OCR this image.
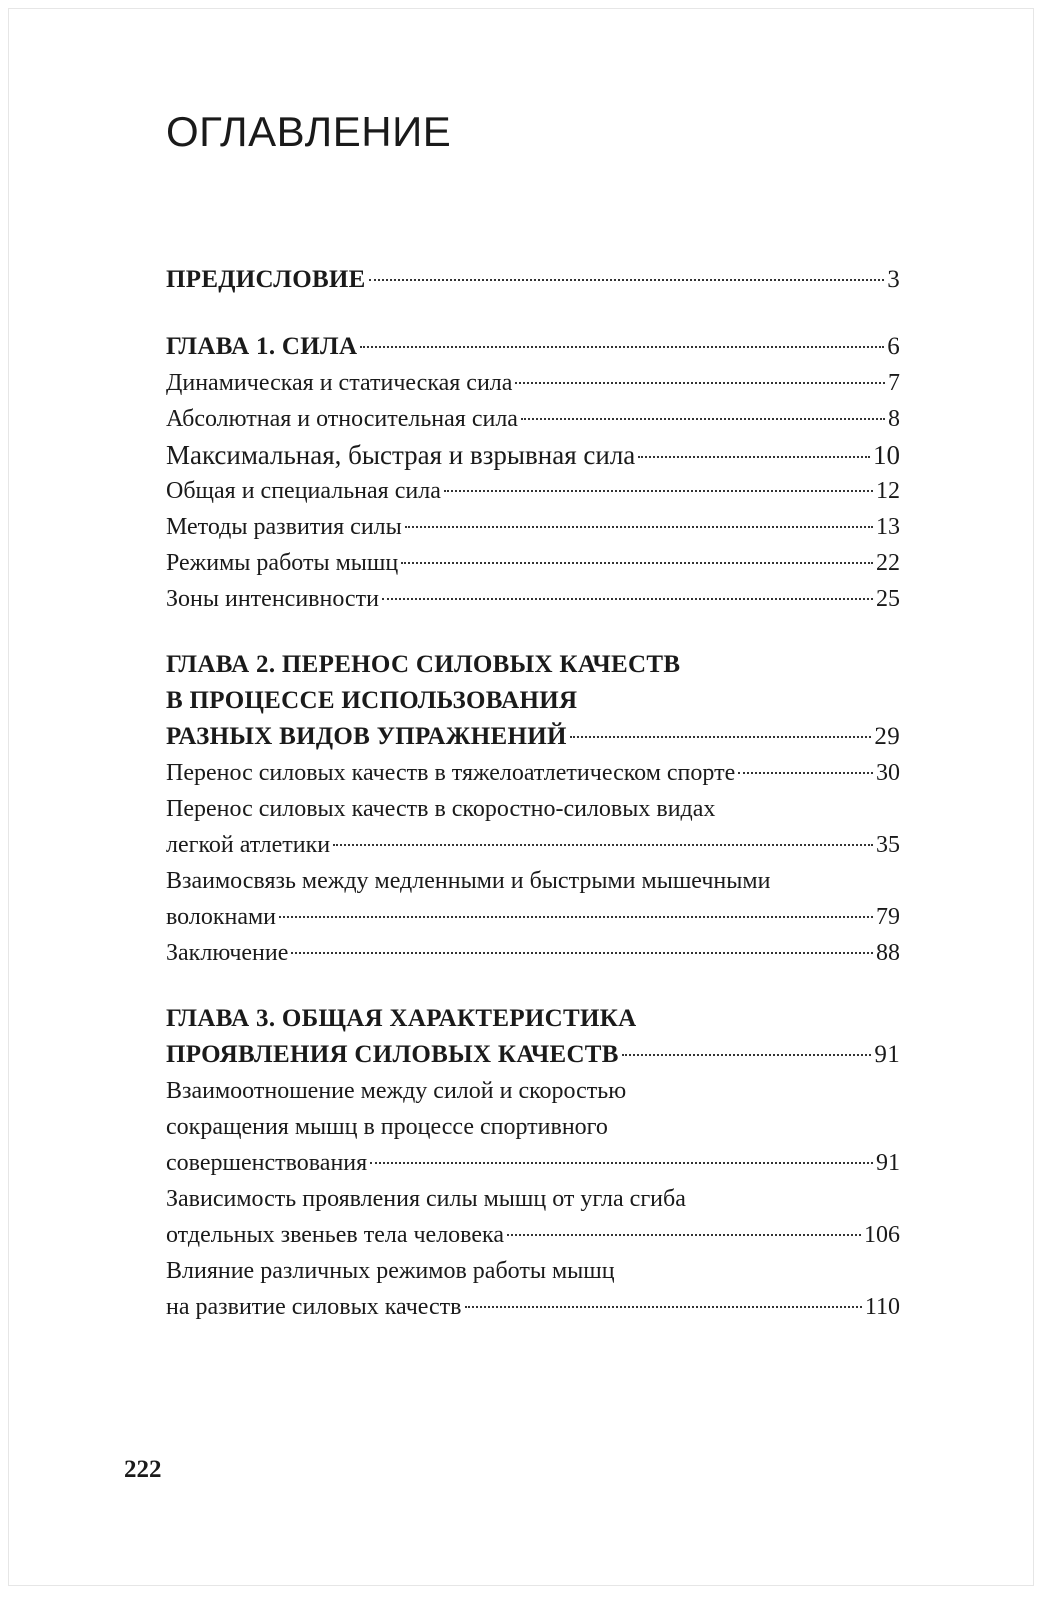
ОГЛАВЛЕНИЕ
ПРЕДИСЛОВИЕ	3
ГЛАВА 1. СИЛА	6
Динамическая и статическая сила	7
Абсолютная и относительная сила	8
Максимальная, быстрая и взрывная сила	10
Общая и специальная сила	12
Методы развития силы	13
Режимы работы мышц	22
Зоны интенсивности	25
ГЛАВА 2. ПЕРЕНОС СИЛОВЫХ КАЧЕСТВ
В ПРОЦЕССЕ ИСПОЛЬЗОВАНИЯ
РАЗНЫХ ВИДОВ УПРАЖНЕНИЙ	29
Перенос силовых качеств в тяжелоатлетическом спорте	30
Перенос силовых качеств в скоростно-силовых видах
легкой атлетики	35
Взаимосвязь между медленными и быстрыми мышечными
волокнами	79
Заключение	88
ГЛАВА 3. ОБЩАЯ ХАРАКТЕРИСТИКА
ПРОЯВЛЕНИЯ СИЛОВЫХ КАЧЕСТВ	91
Взаимоотношение между силой и скоростью
сокращения мышц в процессе спортивного
совершенствования	91
Зависимость проявления силы мышц от угла сгиба
отдельных звеньев тела человека	106
Влияние различных режимов работы мышц
на развитие силовых качеств	110
222
